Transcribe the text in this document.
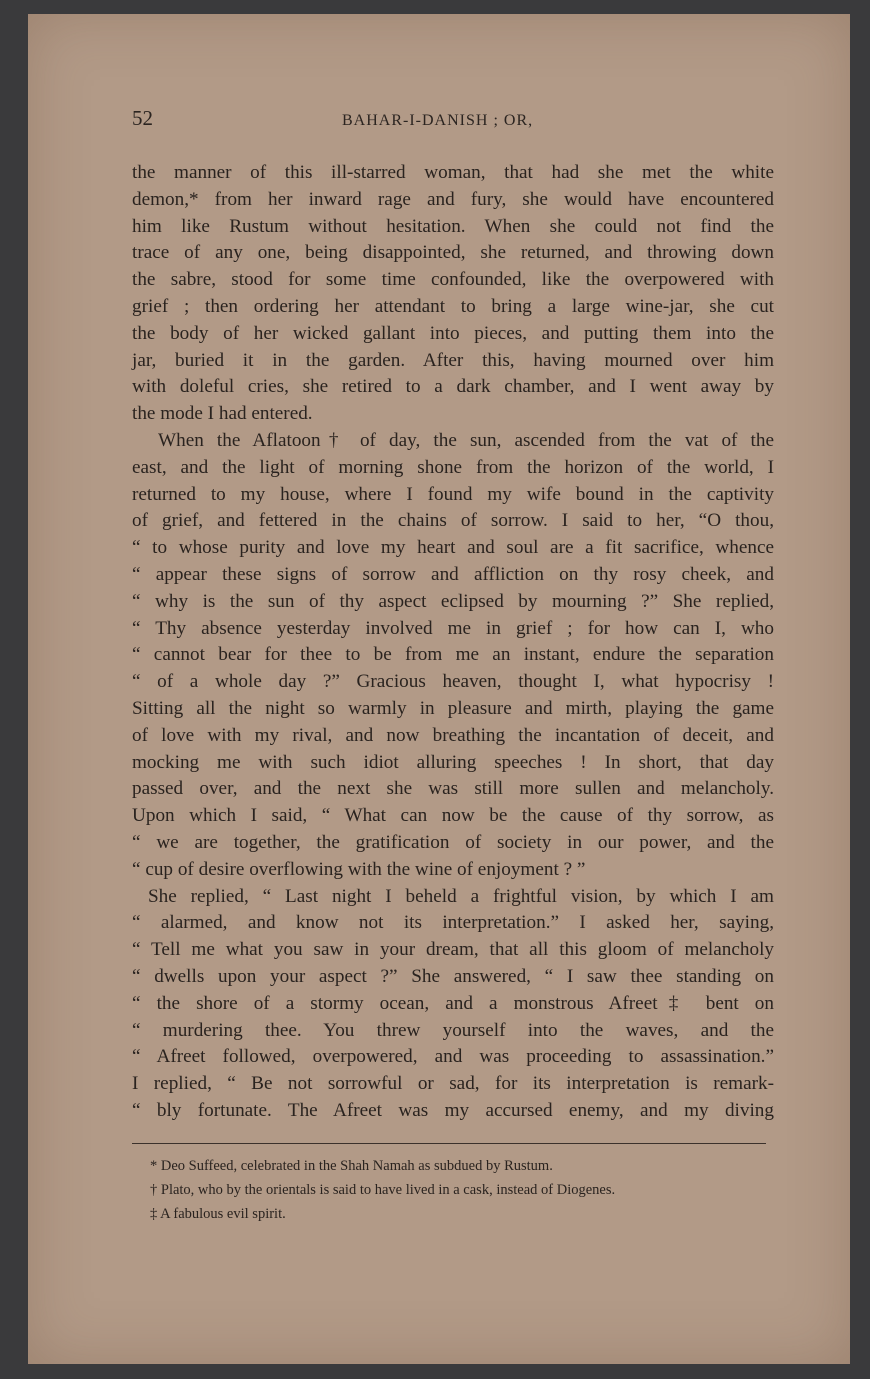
52	BAHAR-I-DANISH ; OR,
the manner of this ill-starred woman, that had she met the white
demon,* from her inward rage and fury, she would have encountered
him like Rustum without hesitation. When she could not find the
trace of any one, being disappointed, she returned, and throwing down
the sabre, stood for some time confounded, like the overpowered with
grief ; then ordering her attendant to bring a large wine-jar, she cut
the body of her wicked gallant into pieces, and putting them into the
jar, buried it in the garden. After this, having mourned over him
with doleful cries, she retired to a dark chamber, and I went away by
the mode I had entered.
When the Aflatoon† of day, the sun, ascended from the vat of the
east, and the light of morning shone from the horizon of the world, I
returned to my house, where I found my wife bound in the captivity
of grief, and fettered in the chains of sorrow. I said to her, “O thou,
“ to whose purity and love my heart and soul are a fit sacrifice, whence
“ appear these signs of sorrow and affliction on thy rosy cheek, and
“ why is the sun of thy aspect eclipsed by mourning ?” She replied,
“ Thy absence yesterday involved me in grief ; for how can I, who
“ cannot bear for thee to be from me an instant, endure the separation
“ of a whole day ?” Gracious heaven, thought I, what hypocrisy !
Sitting all the night so warmly in pleasure and mirth, playing the game
of love with my rival, and now breathing the incantation of deceit, and
mocking me with such idiot alluring speeches ! In short, that day
passed over, and the next she was still more sullen and melancholy.
Upon which I said, “ What can now be the cause of thy sorrow, as
“ we are together, the gratification of society in our power, and the
“ cup of desire overflowing with the wine of enjoyment ? ”
She replied, “ Last night I beheld a frightful vision, by which I am
“ alarmed, and know not its interpretation.” I asked her, saying,
“ Tell me what you saw in your dream, that all this gloom of melancholy
“ dwells upon your aspect ?” She answered, “ I saw thee standing on
“ the shore of a stormy ocean, and a monstrous Afreet‡ bent on
“ murdering thee. You threw yourself into the waves, and the
“ Afreet followed, overpowered, and was proceeding to assassination.”
I replied, “ Be not sorrowful or sad, for its interpretation is remark-
“ bly fortunate. The Afreet was my accursed enemy, and my diving
* Deo Suffeed, celebrated in the Shah Namah as subdued by Rustum.
† Plato, who by the orientals is said to have lived in a cask, instead of Diogenes.
‡ A fabulous evil spirit.
